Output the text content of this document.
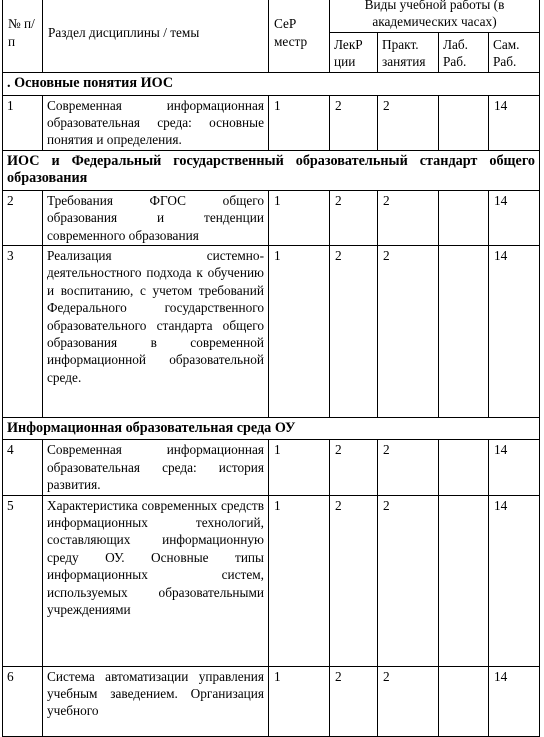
№ п/п	Раздел дисциплины / темы	СеР местр	Виды учебной работы (в академических часах)			
			ЛекР ции	Практ. занятия	Лаб. Раб.	Сам. Раб.
. Основные понятия ИОС						
1	Современная информационная образовательная среда: основные понятия и определения.	1	2	2		14
ИОС и Федеральный государственный образовательный стандарт общего образования						
2	Требования ФГОС общего образования и тенденции современного образования	1	2	2		14
3	Реализация системно-деятельностного подхода к обучению и воспитанию, с учетом требований Федерального государственного образовательного стандарта общего образования в современной информационной образовательной среде.	1	2	2		14
Информационная образовательная среда ОУ						
4	Современная информационная образовательная среда: история развития.	1	2	2		14
5	Характеристика современных средств информационных технологий, составляющих информационную среду ОУ. Основные типы информационных систем, используемых образовательными учреждениями	1	2	2		14
6	Система автоматизации управления учебным заведением. Организация учебного	1	2	2		14
